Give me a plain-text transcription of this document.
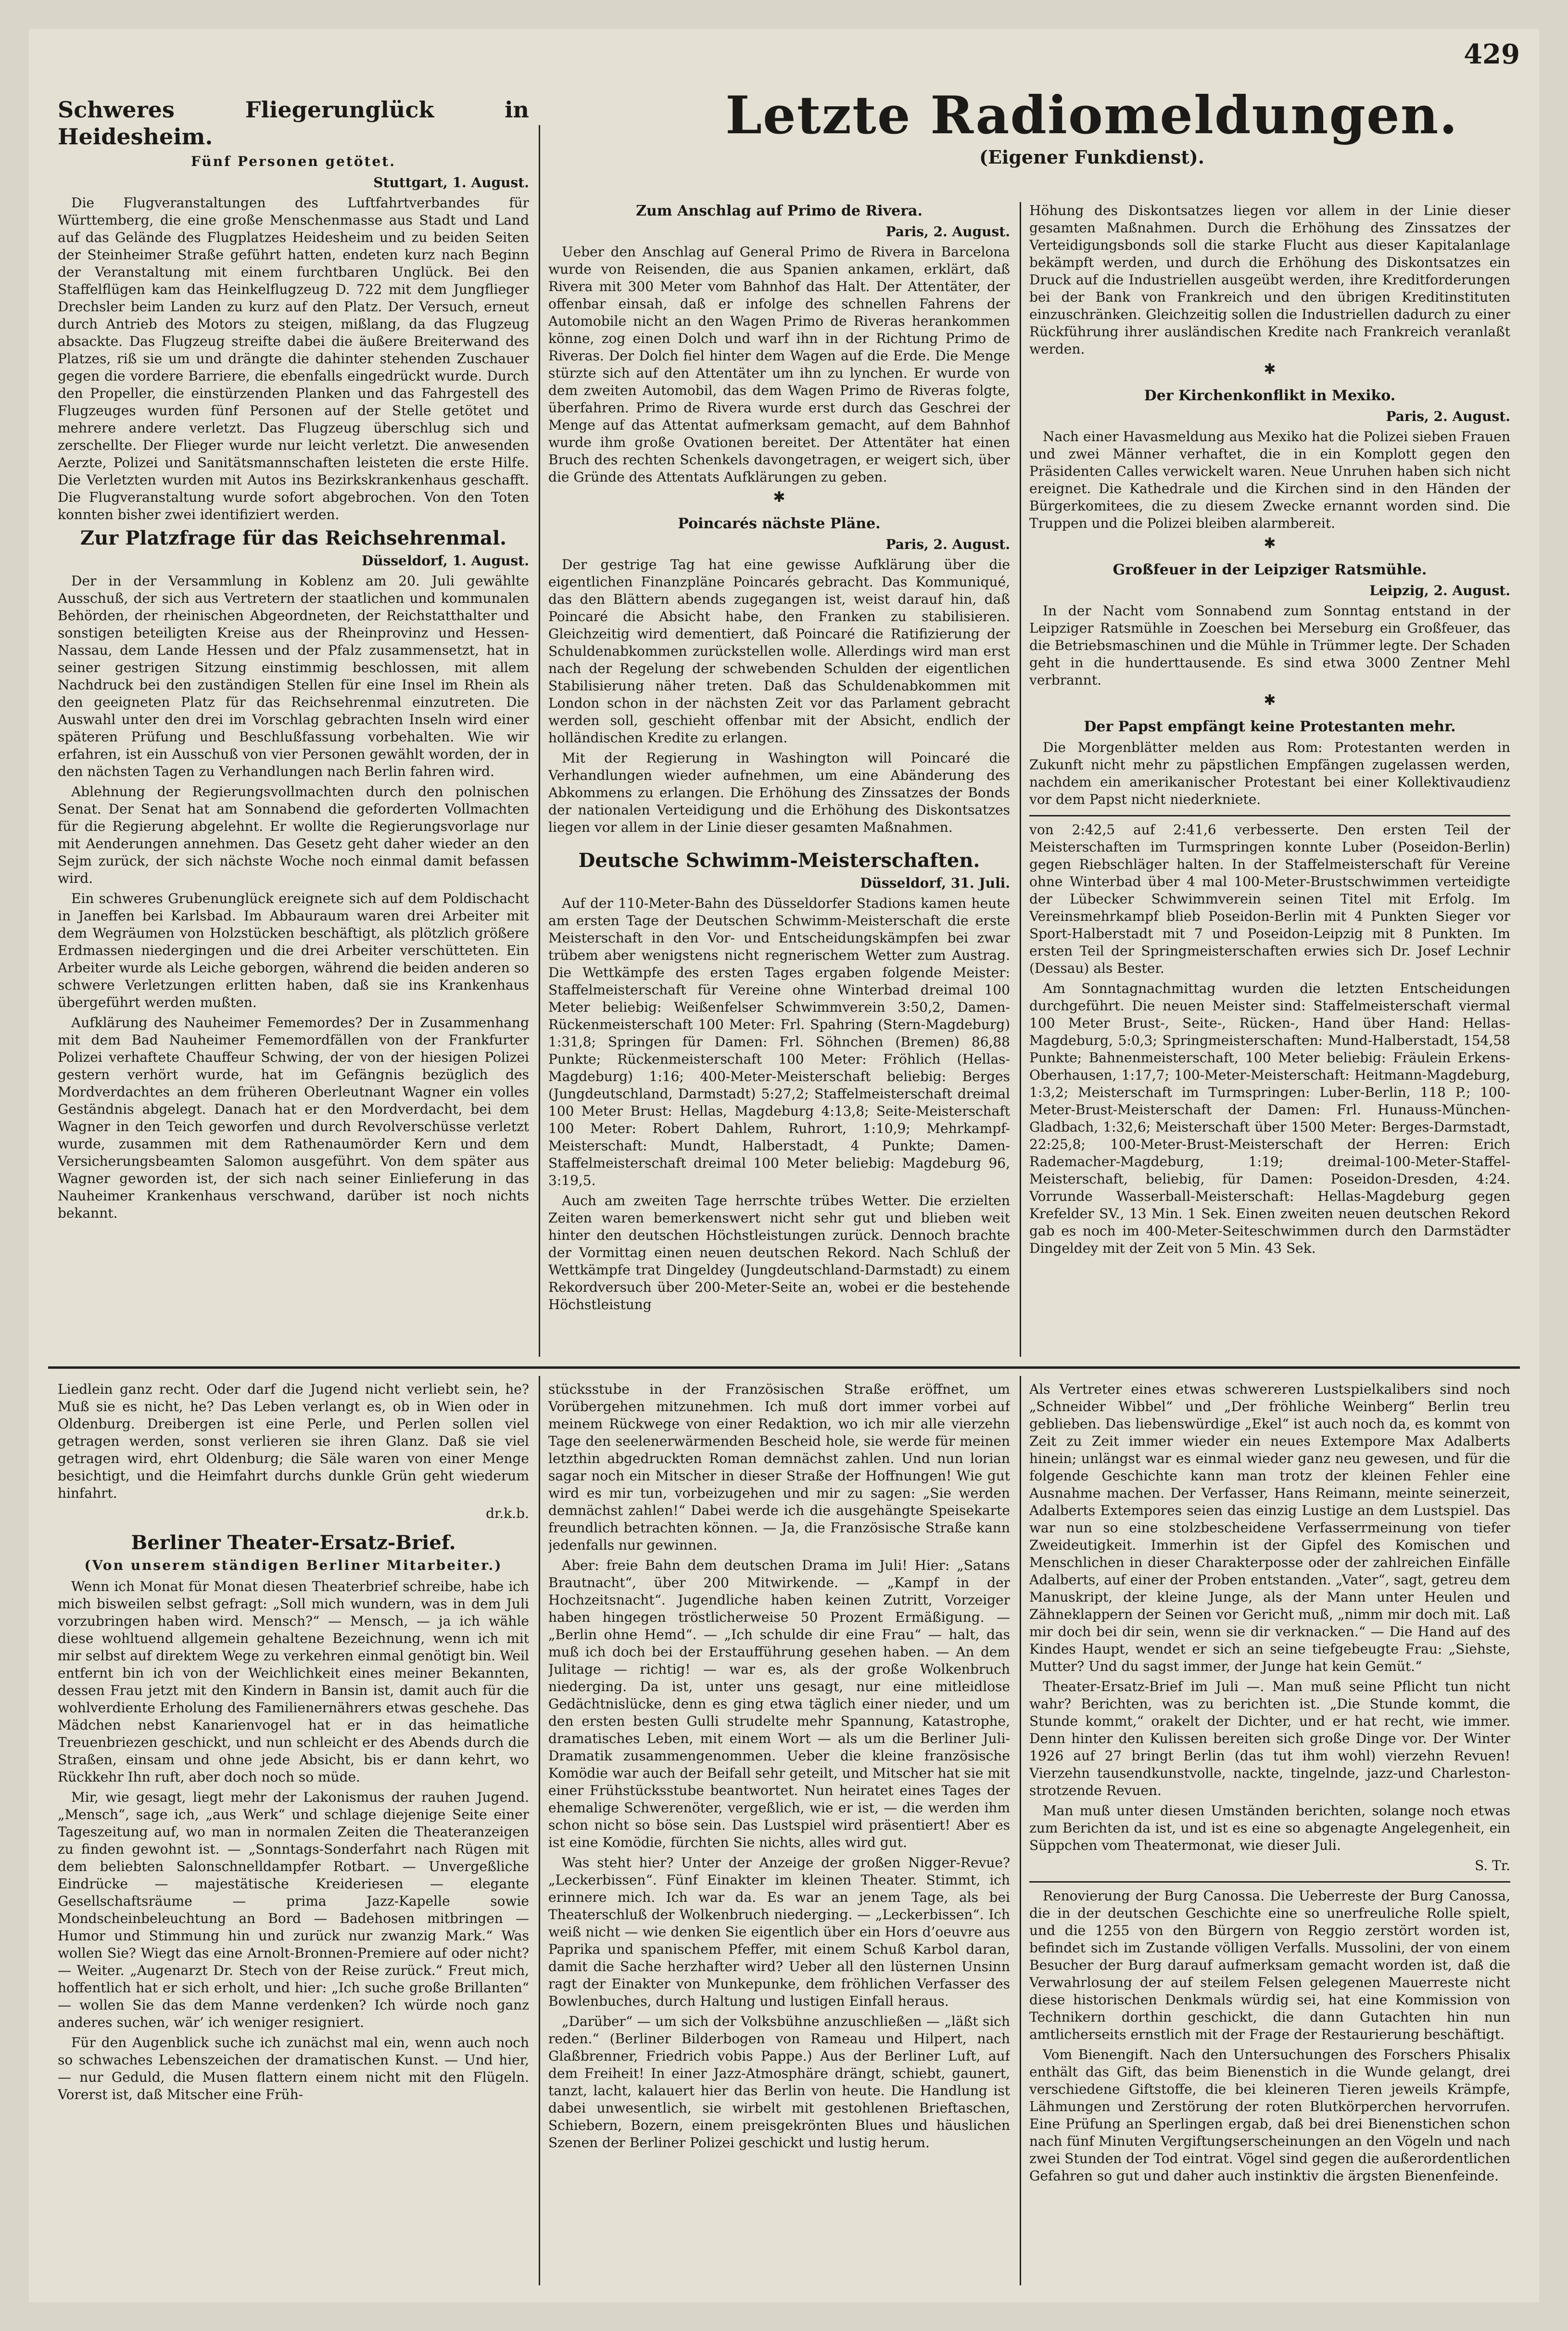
429
Schweres Fliegerunglück in Heidesheim.
Fünf Personen getötet.
Stuttgart, 1. August.

Die Flugveranstaltungen des Luftfahrtverbandes für Württemberg, die eine große Menschenmasse aus Stadt und Land auf das Gelände des Flugplatzes Heidesheim und zu beiden Seiten der Steinheimer Straße geführt hatten, endeten kurz nach Beginn der Veranstaltung mit einem furchtbaren Unglück. Bei den Staffelflügen kam das Heinkelflugzeug D. 722 mit dem Jungflieger Drechsler beim Landen zu kurz auf den Platz. Der Versuch, erneut durch Antrieb des Motors zu steigen, mißlang, da das Flugzeug absackte. Das Flugzeug streifte dabei die äußere Breiterwand des Platzes, riß sie um und drängte die dahinter stehenden Zuschauer gegen die vordere Barriere, die ebenfalls eingedrückt wurde. Durch den Propeller, die einstürzenden Planken und das Fahrgestell des Flugzeuges wurden fünf Personen auf der Stelle getötet und mehrere andere verletzt. Das Flugzeug überschlug sich und zerschellte. Der Flieger wurde nur leicht verletzt. Die anwesenden Aerzte, Polizei und Sanitätsmannschaften leisteten die erste Hilfe. Die Verletzten wurden mit Autos ins Bezirkskrankenhaus geschafft. Die Flugveranstaltung wurde sofort abgebrochen. Von den Toten konnten bisher zwei identifiziert werden.

Zur Platzfrage für das Reichsehrenmal.
Düsseldorf, 1. August.

Der in der Versammlung in Koblenz am 20. Juli gewählte Ausschuß, der sich aus Vertretern der staatlichen und kommunalen Behörden, der rheinischen Abgeordneten, der Reichstatthalter und sonstigen beteiligten Kreise aus der Rheinprovinz und Hessen-Nassau, dem Lande Hessen und der Pfalz zusammensetzt, hat in seiner gestrigen Sitzung einstimmig beschlossen, mit allem Nachdruck bei den zuständigen Stellen für eine Insel im Rhein als den geeigneten Platz für das Reichsehrenmal einzutreten. Die Auswahl unter den drei im Vorschlag gebrachten Inseln wird einer späteren Prüfung und Beschlußfassung vorbehalten. Wie wir erfahren, ist ein Ausschuß von vier Personen gewählt worden, der in den nächsten Tagen zu Verhandlungen nach Berlin fahren wird.

Ablehnung der Regierungsvollmachten durch den polnischen Senat. Der Senat hat am Sonnabend die geforderten Vollmachten für die Regierung abgelehnt. Er wollte die Regierungsvorlage nur mit Aenderungen annehmen. Das Gesetz geht daher wieder an den Sejm zurück, der sich nächste Woche noch einmal damit befassen wird.

Ein schweres Grubenunglück ereignete sich auf dem Poldischacht in Janeffen bei Karlsbad. Im Abbauraum waren drei Arbeiter mit dem Wegräumen von Holzstücken beschäftigt, als plötzlich größere Erdmassen niedergingen und die drei Arbeiter verschütteten. Ein Arbeiter wurde als Leiche geborgen, während die beiden anderen so schwere Verletzungen erlitten haben, daß sie ins Krankenhaus übergeführt werden mußten.

Aufklärung des Nauheimer Fememordes? Der in Zusammenhang mit dem Bad Nauheimer Fememordfällen von der Frankfurter Polizei verhaftete Chauffeur Schwing, der von der hiesigen Polizei gestern verhört wurde, hat im Gefängnis bezüglich des Mordverdachtes an dem früheren Oberleutnant Wagner ein volles Geständnis abgelegt. Danach hat er den Mordverdacht, bei dem Wagner in den Teich geworfen und durch Revolverschüsse verletzt wurde, zusammen mit dem Rathenaumörder Kern und dem Versicherungsbeamten Salomon ausgeführt. Von dem später aus Wagner geworden ist, der sich nach seiner Einlieferung in das Nauheimer Krankenhaus verschwand, darüber ist noch nichts bekannt.

Letzte Radiomeldungen.
(Eigener Funkdienst).
Zum Anschlag auf Primo de Rivera.
Paris, 2. August.

Ueber den Anschlag auf General Primo de Rivera in Barcelona wurde von Reisenden, die aus Spanien ankamen, erklärt, daß Rivera mit 300 Meter vom Bahnhof das Halt. Der Attentäter, der offenbar einsah, daß er infolge des schnellen Fahrens der Automobile nicht an den Wagen Primo de Riveras herankommen könne, zog einen Dolch und warf ihn in der Richtung Primo de Riveras. Der Dolch fiel hinter dem Wagen auf die Erde. Die Menge stürzte sich auf den Attentäter um ihn zu lynchen. Er wurde von dem zweiten Automobil, das dem Wagen Primo de Riveras folgte, überfahren. Primo de Rivera wurde erst durch das Geschrei der Menge auf das Attentat aufmerksam gemacht, auf dem Bahnhof wurde ihm große Ovationen bereitet. Der Attentäter hat einen Bruch des rechten Schenkels davongetragen, er weigert sich, über die Gründe des Attentats Aufklärungen zu geben.

✱
Poincarés nächste Pläne.
Paris, 2. August.

Der gestrige Tag hat eine gewisse Aufklärung über die eigentlichen Finanzpläne Poincarés gebracht. Das Kommuniqué, das den Blättern abends zugegangen ist, weist darauf hin, daß Poincaré die Absicht habe, den Franken zu stabilisieren. Gleichzeitig wird dementiert, daß Poincaré die Ratifizierung der Schuldenabkommen zurückstellen wolle. Allerdings wird man erst nach der Regelung der schwebenden Schulden der eigentlichen Stabilisierung näher treten. Daß das Schuldenabkommen mit London schon in der nächsten Zeit vor das Parlament gebracht werden soll, geschieht offenbar mit der Absicht, endlich der holländischen Kredite zu erlangen.

Mit der Regierung in Washington will Poincaré die Verhandlungen wieder aufnehmen, um eine Abänderung des Abkommens zu erlangen. Die Erhöhung des Zinssatzes der Bonds der nationalen Verteidigung und die Erhöhung des Diskontsatzes liegen vor allem in der Linie dieser gesamten Maßnahmen.

Deutsche Schwimm-Meisterschaften.
Düsseldorf, 31. Juli.

Auf der 110-Meter-Bahn des Düsseldorfer Stadions kamen heute am ersten Tage der Deutschen Schwimm-Meisterschaft die erste Meisterschaft in den Vor- und Entscheidungskämpfen bei zwar trübem aber wenigstens nicht regnerischem Wetter zum Austrag. Die Wettkämpfe des ersten Tages ergaben folgende Meister: Staffelmeisterschaft für Vereine ohne Winterbad dreimal 100 Meter beliebig: Weißenfelser Schwimmverein 3:50,2, Damen-Rückenmeisterschaft 100 Meter: Frl. Spahring (Stern-Magdeburg) 1:31,8; Springen für Damen: Frl. Söhnchen (Bremen) 86,88 Punkte; Rückenmeisterschaft 100 Meter: Fröhlich (Hellas-Magdeburg) 1:16; 400-Meter-Meisterschaft beliebig: Berges (Jungdeutschland, Darmstadt) 5:27,2; Staffelmeisterschaft dreimal 100 Meter Brust: Hellas, Magdeburg 4:13,8; Seite-Meisterschaft 100 Meter: Robert Dahlem, Ruhrort, 1:10,9; Mehrkampf-Meisterschaft: Mundt, Halberstadt, 4 Punkte; Damen-Staffelmeisterschaft dreimal 100 Meter beliebig: Magdeburg 96, 3:19,5.

Auch am zweiten Tage herrschte trübes Wetter. Die erzielten Zeiten waren bemerkenswert nicht sehr gut und blieben weit hinter den deutschen Höchstleistungen zurück. Dennoch brachte der Vormittag einen neuen deutschen Rekord. Nach Schluß der Wettkämpfe trat Dingeldey (Jungdeutschland-Darmstadt) zu einem Rekordversuch über 200-Meter-Seite an, wobei er die bestehende Höchstleistung

Höhung des Diskontsatzes liegen vor allem in der Linie dieser gesamten Maßnahmen. Durch die Erhöhung des Zinssatzes der Verteidigungsbonds soll die starke Flucht aus dieser Kapitalanlage bekämpft werden, und durch die Erhöhung des Diskontsatzes ein Druck auf die Industriellen ausgeübt werden, ihre Kreditforderungen bei der Bank von Frankreich und den übrigen Kreditinstituten einzuschränken. Gleichzeitig sollen die Industriellen dadurch zu einer Rückführung ihrer ausländischen Kredite nach Frankreich veranlaßt werden.

✱
Der Kirchenkonflikt in Mexiko.
Paris, 2. August.

Nach einer Havasmeldung aus Mexiko hat die Polizei sieben Frauen und zwei Männer verhaftet, die in ein Komplott gegen den Präsidenten Calles verwickelt waren. Neue Unruhen haben sich nicht ereignet. Die Kathedrale und die Kirchen sind in den Händen der Bürgerkomitees, die zu diesem Zwecke ernannt worden sind. Die Truppen und die Polizei bleiben alarmbereit.

✱
Großfeuer in der Leipziger Ratsmühle.
Leipzig, 2. August.

In der Nacht vom Sonnabend zum Sonntag entstand in der Leipziger Ratsmühle in Zoeschen bei Merseburg ein Großfeuer, das die Betriebsmaschinen und die Mühle in Trümmer legte. Der Schaden geht in die hunderttausende. Es sind etwa 3000 Zentner Mehl verbrannt.

✱
Der Papst empfängt keine Protestanten mehr.

Die Morgenblätter melden aus Rom: Protestanten werden in Zukunft nicht mehr zu päpstlichen Empfängen zugelassen werden, nachdem ein amerikanischer Protestant bei einer Kollektivaudienz vor dem Papst nicht niederkniete.

von 2:42,5 auf 2:41,6 verbesserte. Den ersten Teil der Meisterschaften im Turmspringen konnte Luber (Poseidon-Berlin) gegen Riebschläger halten. In der Staffelmeisterschaft für Vereine ohne Winterbad über 4 mal 100-Meter-Brustschwimmen verteidigte der Lübecker Schwimmverein seinen Titel mit Erfolg. Im Vereinsmehrkampf blieb Poseidon-Berlin mit 4 Punkten Sieger vor Sport-Halberstadt mit 7 und Poseidon-Leipzig mit 8 Punkten. Im ersten Teil der Springmeisterschaften erwies sich Dr. Josef Lechnir (Dessau) als Bester.

Am Sonntagnachmittag wurden die letzten Entscheidungen durchgeführt. Die neuen Meister sind: Staffelmeisterschaft viermal 100 Meter Brust-, Seite-, Rücken-, Hand über Hand: Hellas-Magdeburg, 5:0,3; Springmeisterschaften: Mund-Halberstadt, 154,58 Punkte; Bahnenmeisterschaft, 100 Meter beliebig: Fräulein Erkens-Oberhausen, 1:17,7; 100-Meter-Meisterschaft: Heitmann-Magdeburg, 1:3,2; Meisterschaft im Turmspringen: Luber-Berlin, 118 P.; 100-Meter-Brust-Meisterschaft der Damen: Frl. Hunauss-München-Gladbach, 1:32,6; Meisterschaft über 1500 Meter: Berges-Darmstadt, 22:25,8; 100-Meter-Brust-Meisterschaft der Herren: Erich Rademacher-Magdeburg, 1:19; dreimal-100-Meter-Staffel-Meisterschaft, beliebig, für Damen: Poseidon-Dresden, 4:24. Vorrunde Wasserball-Meisterschaft: Hellas-Magdeburg gegen Krefelder SV., 13 Min. 1 Sek. Einen zweiten neuen deutschen Rekord gab es noch im 400-Meter-Seiteschwimmen durch den Darmstädter Dingeldey mit der Zeit von 5 Min. 43 Sek.

Liedlein ganz recht. Oder darf die Jugend nicht verliebt sein, he? Muß sie es nicht, he? Das Leben verlangt es, ob in Wien oder in Oldenburg. Dreibergen ist eine Perle, und Perlen sollen viel getragen werden, sonst verlieren sie ihren Glanz. Daß sie viel getragen wird, ehrt Oldenburg; die Säle waren von einer Menge besichtigt, und die Heimfahrt durchs dunkle Grün geht wiederum hinfahrt.

dr.k.b.
Berliner Theater-Ersatz-Brief.
(Von unserem ständigen Berliner Mitarbeiter.)

Wenn ich Monat für Monat diesen Theaterbrief schreibe, habe ich mich bisweilen selbst gefragt: „Soll mich wundern, was in dem Juli vorzubringen haben wird. Mensch?“ — Mensch, — ja ich wähle diese wohltuend allgemein gehaltene Bezeichnung, wenn ich mit mir selbst auf direktem Wege zu verkehren einmal genötigt bin. Weil entfernt bin ich von der Weichlichkeit eines meiner Bekannten, dessen Frau jetzt mit den Kindern in Bansin ist, damit auch für die wohlverdiente Erholung des Familienernährers etwas geschehe. Das Mädchen nebst Kanarienvogel hat er in das heimatliche Treuenbriezen geschickt, und nun schleicht er des Abends durch die Straßen, einsam und ohne jede Absicht, bis er dann kehrt, wo Rückkehr Ihn ruft, aber doch noch so müde.

Mir, wie gesagt, liegt mehr der Lakonismus der rauhen Jugend. „Mensch“, sage ich, „aus Werk“ und schlage diejenige Seite einer Tageszeitung auf, wo man in normalen Zeiten die Theateranzeigen zu finden gewohnt ist. — „Sonntags-Sonderfahrt nach Rügen mit dem beliebten Salonschnelldampfer Rotbart. — Unvergeßliche Eindrücke — majestätische Kreideriesen — elegante Gesellschaftsräume — prima Jazz-Kapelle sowie Mondscheinbeleuchtung an Bord — Badehosen mitbringen — Humor und Stimmung hin und zurück nur zwanzig Mark.“ Was wollen Sie? Wiegt das eine Arnolt-Bronnen-Premiere auf oder nicht? — Weiter. „Augenarzt Dr. Stech von der Reise zurück.“ Freut mich, hoffentlich hat er sich erholt, und hier: „Ich suche große Brillanten“ — wollen Sie das dem Manne verdenken? Ich würde noch ganz anderes suchen, wär’ ich weniger resigniert.

Für den Augenblick suche ich zunächst mal ein, wenn auch noch so schwaches Lebenszeichen der dramatischen Kunst. — Und hier, — nur Geduld, die Musen flattern einem nicht mit den Flügeln. Vorerst ist, daß Mitscher eine Früh-

stücksstube in der Französischen Straße eröffnet, um Vorübergehen mitzunehmen. Ich muß dort immer vorbei auf meinem Rückwege von einer Redaktion, wo ich mir alle vierzehn Tage den seelenerwärmenden Bescheid hole, sie werde für meinen letzthin abgedruckten Roman demnächst zahlen. Und nun lorian sagar noch ein Mitscher in dieser Straße der Hoffnungen! Wie gut wird es mir tun, vorbeizugehen und mir zu sagen: „Sie werden demnächst zahlen!“ Dabei werde ich die ausgehängte Speisekarte freundlich betrachten können. — Ja, die Französische Straße kann jedenfalls nur gewinnen.

Aber: freie Bahn dem deutschen Drama im Juli! Hier: „Satans Brautnacht“, über 200 Mitwirkende. — „Kampf in der Hochzeitsnacht“. Jugendliche haben keinen Zutritt, Vorzeiger haben hingegen tröstlicherweise 50 Prozent Ermäßigung. — „Berlin ohne Hemd“. — „Ich schulde dir eine Frau“ — halt, das muß ich doch bei der Erstaufführung gesehen haben. — An dem Julitage — richtig! — war es, als der große Wolkenbruch niederging. Da ist, unter uns gesagt, nur eine mitleidlose Gedächtnislücke, denn es ging etwa täglich einer nieder, und um den ersten besten Gulli strudelte mehr Spannung, Katastrophe, dramatisches Leben, mit einem Wort — als um die Berliner Juli-Dramatik zusammengenommen. Ueber die kleine französische Komödie war auch der Beifall sehr geteilt, und Mitscher hat sie mit einer Frühstücksstube beantwortet. Nun heiratet eines Tages der ehemalige Schwerenöter, vergeßlich, wie er ist, — die werden ihm schon nicht so böse sein. Das Lustspiel wird präsentiert! Aber es ist eine Komödie, fürchten Sie nichts, alles wird gut.

Was steht hier? Unter der Anzeige der großen Nigger-Revue? „Leckerbissen“. Fünf Einakter im kleinen Theater. Stimmt, ich erinnere mich. Ich war da. Es war an jenem Tage, als bei Theaterschluß der Wolkenbruch niederging. — „Leckerbissen“. Ich weiß nicht — wie denken Sie eigentlich über ein Hors d’oeuvre aus Paprika und spanischem Pfeffer, mit einem Schuß Karbol daran, damit die Sache herzhafter wird? Ueber all den lüsternen Unsinn ragt der Einakter von Munkepunke, dem fröhlichen Verfasser des Bowlenbuches, durch Haltung und lustigen Einfall heraus.

„Darüber“ — um sich der Volksbühne anzuschließen — „läßt sich reden.“ (Berliner Bilderbogen von Rameau und Hilpert, nach Glaßbrenner, Friedrich vobis Pappe.) Aus der Berliner Luft, auf dem Freiheit! In einer Jazz-Atmosphäre drängt, schiebt, gaunert, tanzt, lacht, kalauert hier das Berlin von heute. Die Handlung ist dabei unwesentlich, sie wirbelt mit gestohlenen Brieftaschen, Schiebern, Bozern, einem preisgekrönten Blues und häuslichen Szenen der Berliner Polizei geschickt und lustig herum.

Als Vertreter eines etwas schwereren Lustspielkalibers sind noch „Schneider Wibbel“ und „Der fröhliche Weinberg“ Berlin treu geblieben. Das liebenswürdige „Ekel“ ist auch noch da, es kommt von Zeit zu Zeit immer wieder ein neues Extempore Max Adalberts hinein; unlängst war es einmal wieder ganz neu gewesen, und für die folgende Geschichte kann man trotz der kleinen Fehler eine Ausnahme machen. Der Verfasser, Hans Reimann, meinte seinerzeit, Adalberts Extempores seien das einzig Lustige an dem Lustspiel. Das war nun so eine stolzbescheidene Verfasserrmeinung von tiefer Zweideutigkeit. Immerhin ist der Gipfel des Komischen und Menschlichen in dieser Charakterposse oder der zahlreichen Einfälle Adalberts, auf einer der Proben entstanden. „Vater“, sagt, getreu dem Manuskript, der kleine Junge, als der Mann unter Heulen und Zähneklappern der Seinen vor Gericht muß, „nimm mir doch mit. Laß mir doch bei dir sein, wenn sie dir verknacken.“ — Die Hand auf des Kindes Haupt, wendet er sich an seine tiefgebeugte Frau: „Siehste, Mutter? Und du sagst immer, der Junge hat kein Gemüt.“

Theater-Ersatz-Brief im Juli —. Man muß seine Pflicht tun nicht wahr? Berichten, was zu berichten ist. „Die Stunde kommt, die Stunde kommt,“ orakelt der Dichter, und er hat recht, wie immer. Denn hinter den Kulissen bereiten sich große Dinge vor. Der Winter 1926 auf 27 bringt Berlin (das tut ihm wohl) vierzehn Revuen! Vierzehn tausendkunstvolle, nackte, tingelnde, jazz-und Charleston-strotzende Revuen.

Man muß unter diesen Umständen berichten, solange noch etwas zum Berichten da ist, und ist es eine so abgenagte Angelegenheit, ein Süppchen vom Theatermonat, wie dieser Juli.

S. Tr.

Renovierung der Burg Canossa. Die Ueberreste der Burg Canossa, die in der deutschen Geschichte eine so unerfreuliche Rolle spielt, und die 1255 von den Bürgern von Reggio zerstört worden ist, befindet sich im Zustande völligen Verfalls. Mussolini, der von einem Besucher der Burg darauf aufmerksam gemacht worden ist, daß die Verwahrlosung der auf steilem Felsen gelegenen Mauerreste nicht diese historischen Denkmals würdig sei, hat eine Kommission von Technikern dorthin geschickt, die dann Gutachten hin nun amtlicherseits ernstlich mit der Frage der Restaurierung beschäftigt.

Vom Bienengift. Nach den Untersuchungen des Forschers Phisalix enthält das Gift, das beim Bienenstich in die Wunde gelangt, drei verschiedene Giftstoffe, die bei kleineren Tieren jeweils Krämpfe, Lähmungen und Zerstörung der roten Blutkörperchen hervorrufen. Eine Prüfung an Sperlingen ergab, daß bei drei Bienenstichen schon nach fünf Minuten Vergiftungserscheinungen an den Vögeln und nach zwei Stunden der Tod eintrat. Vögel sind gegen die außerordentlichen Gefahren so gut und daher auch instinktiv die ärgsten Bienenfeinde.
